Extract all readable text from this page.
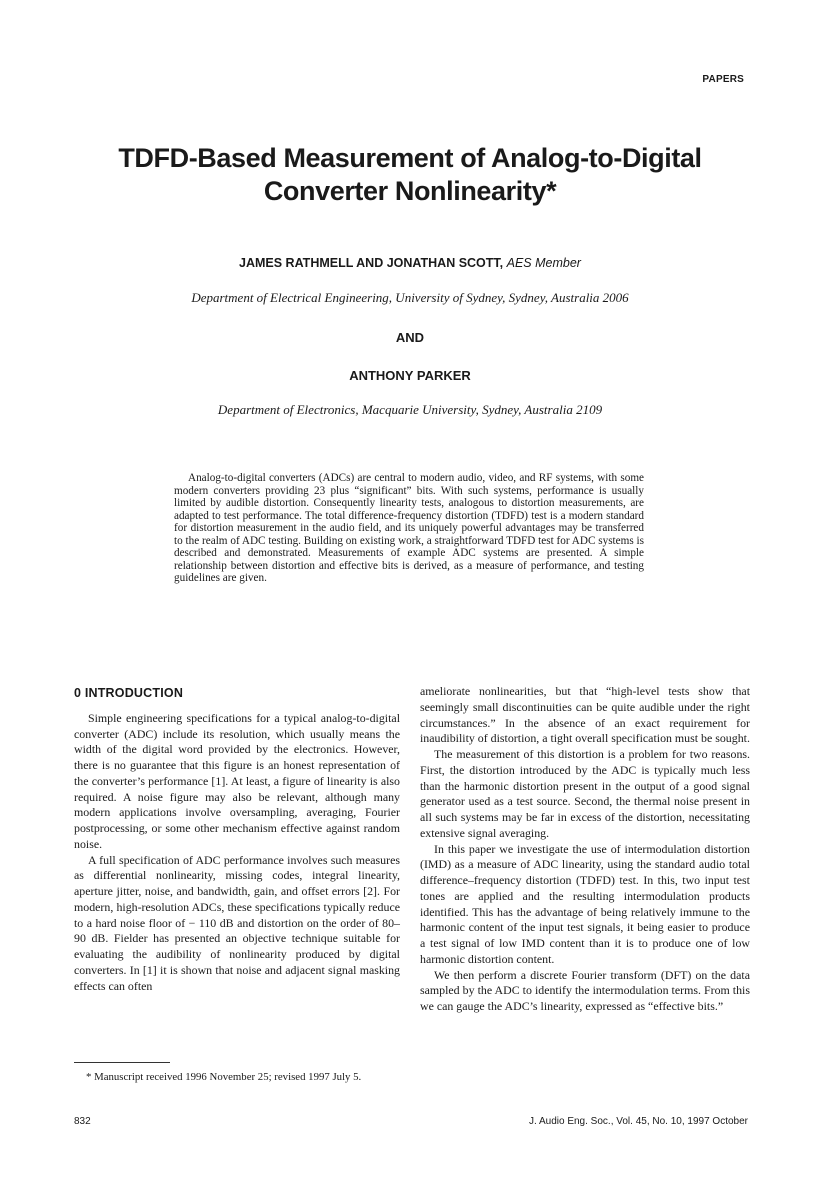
PAPERS
TDFD-Based Measurement of Analog-to-Digital
Converter Nonlinearity*
JAMES RATHMELL AND JONATHAN SCOTT, AES Member
Department of Electrical Engineering, University of Sydney, Sydney, Australia 2006
AND
ANTHONY PARKER
Department of Electronics, Macquarie University, Sydney, Australia 2109

Analog-to-digital converters (ADCs) are central to modern audio, video, and RF systems, with some modern converters providing 23 plus “significant” bits. With such systems, performance is usually limited by audible distortion. Consequently linearity tests, analogous to distortion measurements, are adapted to test performance. The total difference-frequency distortion (TDFD) test is a modern standard for distortion measurement in the audio field, and its uniquely powerful advantages may be transferred to the realm of ADC testing. Building on existing work, a straightforward TDFD test for ADC systems is described and demonstrated. Measurements of example ADC systems are presented. A simple relationship between distortion and effective bits is derived, as a measure of performance, and testing guidelines are given.

0 INTRODUCTION

Simple engineering specifications for a typical analog-to-digital converter (ADC) include its resolution, which usually means the width of the digital word provided by the electronics. However, there is no guarantee that this figure is an honest representation of the converter’s performance [1]. At least, a figure of linearity is also required. A noise figure may also be relevant, although many modern applications involve oversampling, averaging, Fourier postprocessing, or some other mechanism effective against random noise.

A full specification of ADC performance involves such measures as differential nonlinearity, missing codes, integral linearity, aperture jitter, noise, and bandwidth, gain, and offset errors [2]. For modern, high-resolution ADCs, these specifications typically reduce to a hard noise floor of − 110 dB and distortion on the order of 80–90 dB. Fielder has presented an objective technique suitable for evaluating the audibility of nonlinearity produced by digital converters. In [1] it is shown that noise and adjacent signal masking effects can often

ameliorate nonlinearities, but that “high-level tests show that seemingly small discontinuities can be quite audible under the right circumstances.” In the absence of an exact requirement for inaudibility of distortion, a tight overall specification must be sought.

The measurement of this distortion is a problem for two reasons. First, the distortion introduced by the ADC is typically much less than the harmonic distortion present in the output of a good signal generator used as a test source. Second, the thermal noise present in all such systems may be far in excess of the distortion, necessitating extensive signal averaging.

In this paper we investigate the use of intermodulation distortion (IMD) as a measure of ADC linearity, using the standard audio total difference–frequency distortion (TDFD) test. In this, two input test tones are applied and the resulting intermodulation products identified. This has the advantage of being relatively immune to the harmonic content of the input test signals, it being easier to produce a test signal of low IMD content than it is to produce one of low harmonic distortion content.

We then perform a discrete Fourier transform (DFT) on the data sampled by the ADC to identify the intermodulation terms. From this we can gauge the ADC’s linearity, expressed as “effective bits.”

* Manuscript received 1996 November 25; revised 1997 July 5.

832	J. Audio Eng. Soc., Vol. 45, No. 10, 1997 October
